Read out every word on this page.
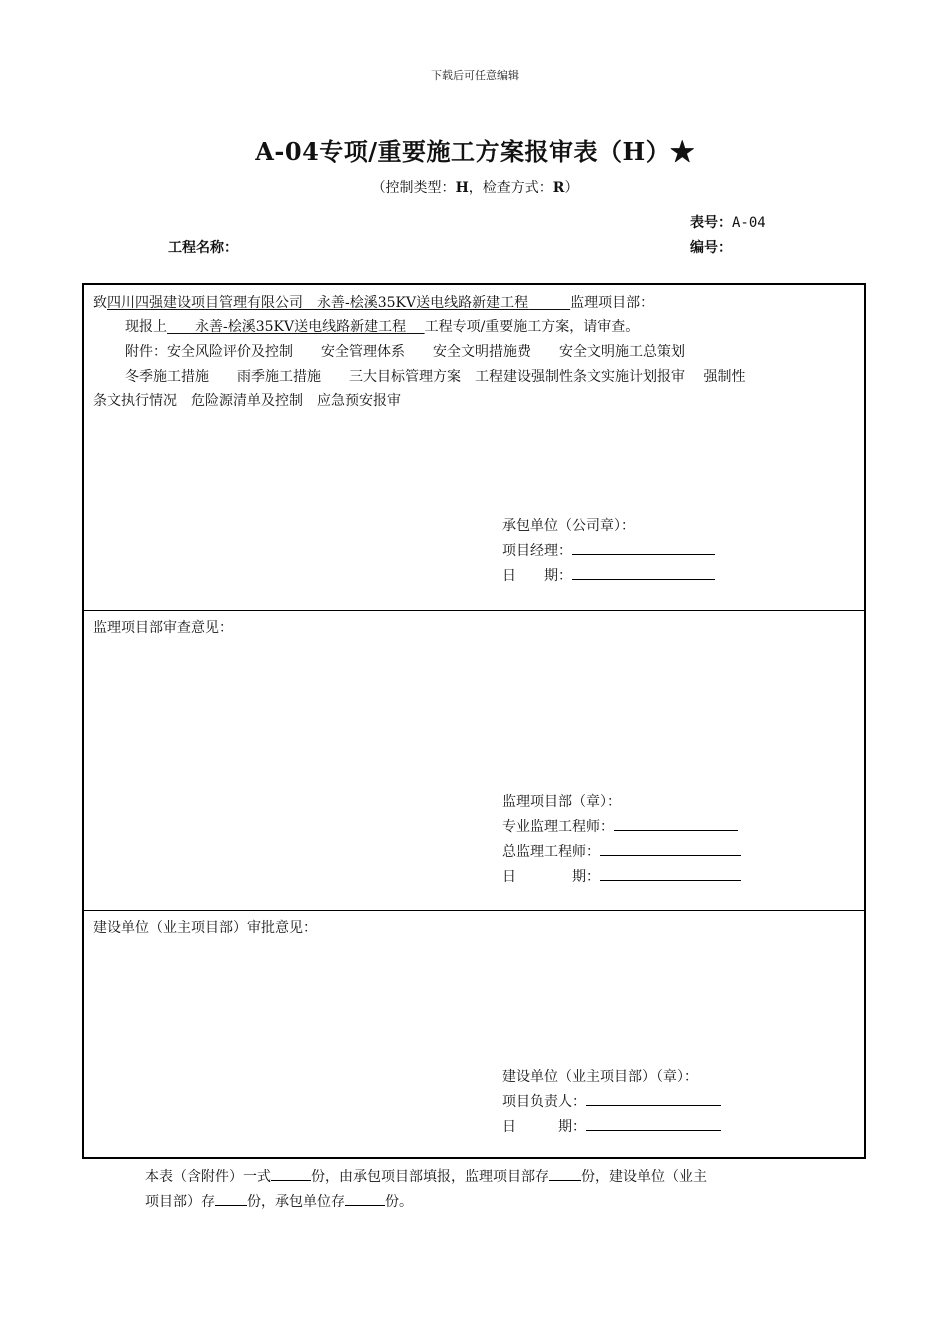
下载后可任意编辑
A-04专项/重要施工方案报审表（H）★
（控制类型：H，检查方式：R）
表号：A-04
工程名称：	编号：
致四川四强建设项目管理有限公司　永善-桧溪35KV送电线路新建工程　　　	监理项目部：
现报上　　 永善-桧溪35KV送电线路新建工程　 工程专项/重要施工方案，请审查。
附件：安全风险评价及控制　　安全管理体系　　安全文明措施费　　安全文明施工总策划
冬季施工措施　　雨季施工措施　　三大目标管理方案　工程建设强制性条文实施计划报审　 强制性
条文执行情况　危险源清单及控制　应急预安报审
承包单位（公司章）：
项目经理：
日　　期：
监理项目部审查意见：
监理项目部（章）：
专业监理工程师：
总监理工程师：
日　　　　期：
建设单位（业主项目部）审批意见：
建设单位（业主项目部）（章）：
项目负责人：
日　　　期：
本表（含附件）一式	份，由承包项目部填报，监理项目部存 份，建设单位（业主
项目部）存 份，承包单位存	份。
